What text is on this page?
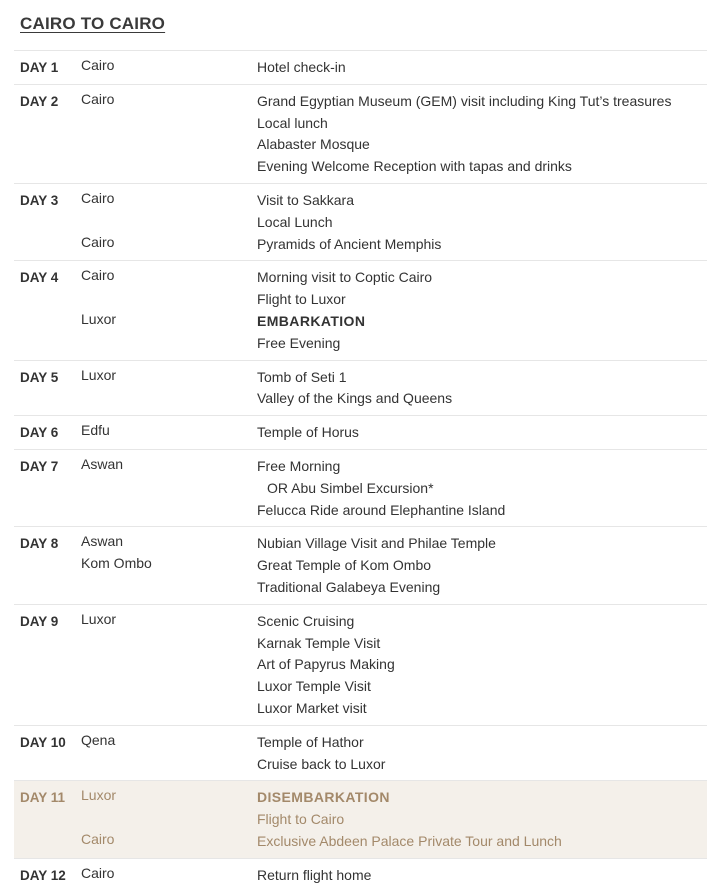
CAIRO TO CAIRO
DAY 1 Cairo	Hotel check-in
DAY 2 Cairo	Grand Egyptian Museum (GEM) visit including King Tut’s treasures
Local lunch
Alabaster Mosque
Evening Welcome Reception with tapas and drinks
DAY 3 Cairo	Visit to Sakkara
Local Lunch
Cairo	Pyramids of Ancient Memphis
DAY 4 Cairo	Morning visit to Coptic Cairo
Flight to Luxor
Luxor	EMBARKATION
Free Evening
DAY 5 Luxor	Tomb of Seti 1
Valley of the Kings and Queens
DAY 6 Edfu	Temple of Horus
DAY 7 Aswan	Free Morning
OR Abu Simbel Excursion*
Felucca Ride around Elephantine Island
DAY 8 Aswan	Nubian Village Visit and Philae Temple
Kom Ombo	Great Temple of Kom Ombo
Traditional Galabeya Evening
DAY 9 Luxor	Scenic Cruising
Karnak Temple Visit
Art of Papyrus Making
Luxor Temple Visit
Luxor Market visit
DAY 10 Qena	Temple of Hathor
Cruise back to Luxor
DAY 11 Luxor	DISEMBARKATION
Flight to Cairo
Cairo	Exclusive Abdeen Palace Private Tour and Lunch
DAY 12 Cairo	Return flight home
